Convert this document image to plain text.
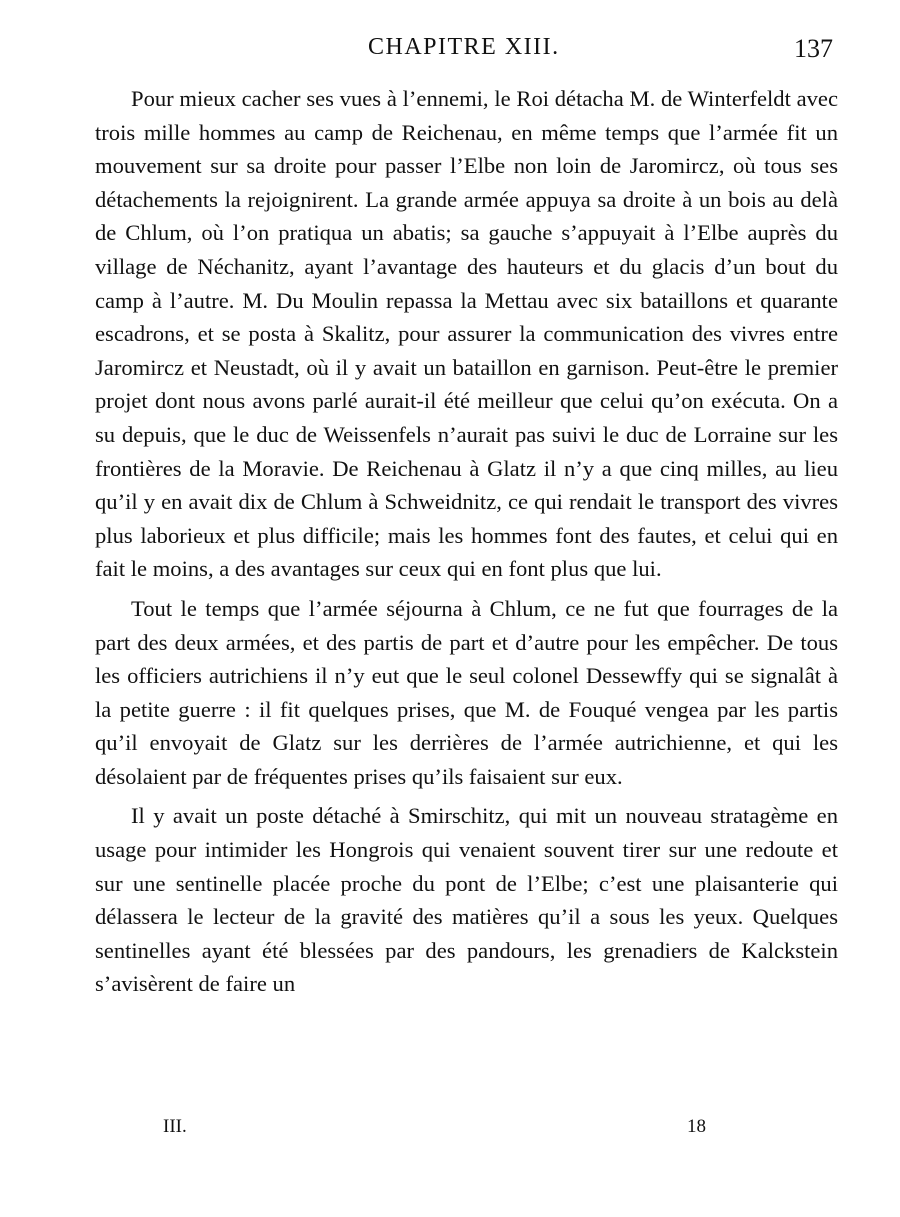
CHAPITRE XIII.	137

Pour mieux cacher ses vues à l’ennemi, le Roi détacha M. de Winterfeldt avec trois mille hommes au camp de Reichenau, en même temps que l’armée fit un mouvement sur sa droite pour passer l’Elbe non loin de Jaromircz, où tous ses détachements la rejoignirent. La grande armée appuya sa droite à un bois au delà de Chlum, où l’on pratiqua un abatis; sa gauche s’appuyait à l’Elbe auprès du village de Néchanitz, ayant l’avantage des hauteurs et du glacis d’un bout du camp à l’autre. M. Du Moulin repassa la Mettau avec six bataillons et quarante escadrons, et se posta à Skalitz, pour assurer la communication des vivres entre Jaromircz et Neustadt, où il y avait un bataillon en garnison. Peut-être le premier projet dont nous avons parlé aurait-il été meilleur que celui qu’on exécuta. On a su depuis, que le duc de Weissenfels n’aurait pas suivi le duc de Lorraine sur les frontières de la Moravie. De Reichenau à Glatz il n’y a que cinq milles, au lieu qu’il y en avait dix de Chlum à Schweidnitz, ce qui rendait le transport des vivres plus laborieux et plus difficile; mais les hommes font des fautes, et celui qui en fait le moins, a des avantages sur ceux qui en font plus que lui.

Tout le temps que l’armée séjourna à Chlum, ce ne fut que fourrages de la part des deux armées, et des partis de part et d’autre pour les empêcher. De tous les officiers autrichiens il n’y eut que le seul colonel Dessewffy qui se signalât à la petite guerre : il fit quelques prises, que M. de Fouqué vengea par les partis qu’il envoyait de Glatz sur les derrières de l’armée autrichienne, et qui les désolaient par de fréquentes prises qu’ils faisaient sur eux.

Il y avait un poste détaché à Smirschitz, qui mit un nouveau stratagème en usage pour intimider les Hongrois qui venaient souvent tirer sur une redoute et sur une sentinelle placée proche du pont de l’Elbe; c’est une plaisanterie qui délassera le lecteur de la gravité des matières qu’il a sous les yeux. Quelques sentinelles ayant été blessées par des pandours, les grenadiers de Kalckstein s’avisèrent de faire un

III.	18
